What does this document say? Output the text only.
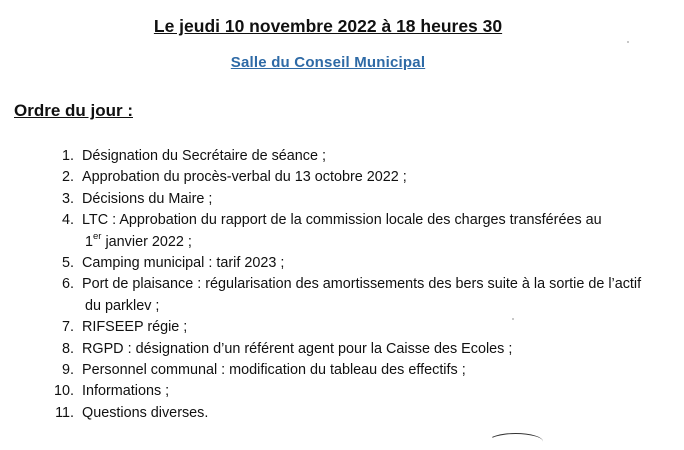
Le jeudi 10 novembre 2022 à 18 heures 30
Salle du Conseil Municipal
Ordre du jour :
1. Désignation du Secrétaire de séance ;
2. Approbation du procès-verbal du 13 octobre 2022 ;
3. Décisions du Maire ;
4. LTC : Approbation du rapport de la commission locale des charges transférées au
1er janvier 2022 ;
5. Camping municipal : tarif 2023 ;
6. Port de plaisance : régularisation des amortissements des bers suite à la sortie de l’actif
du parklev ;
7. RIFSEEP régie ;
8. RGPD : désignation d’un référent agent pour la Caisse des Ecoles ;
9. Personnel communal : modification du tableau des effectifs ;
10. Informations ;
11. Questions diverses.
